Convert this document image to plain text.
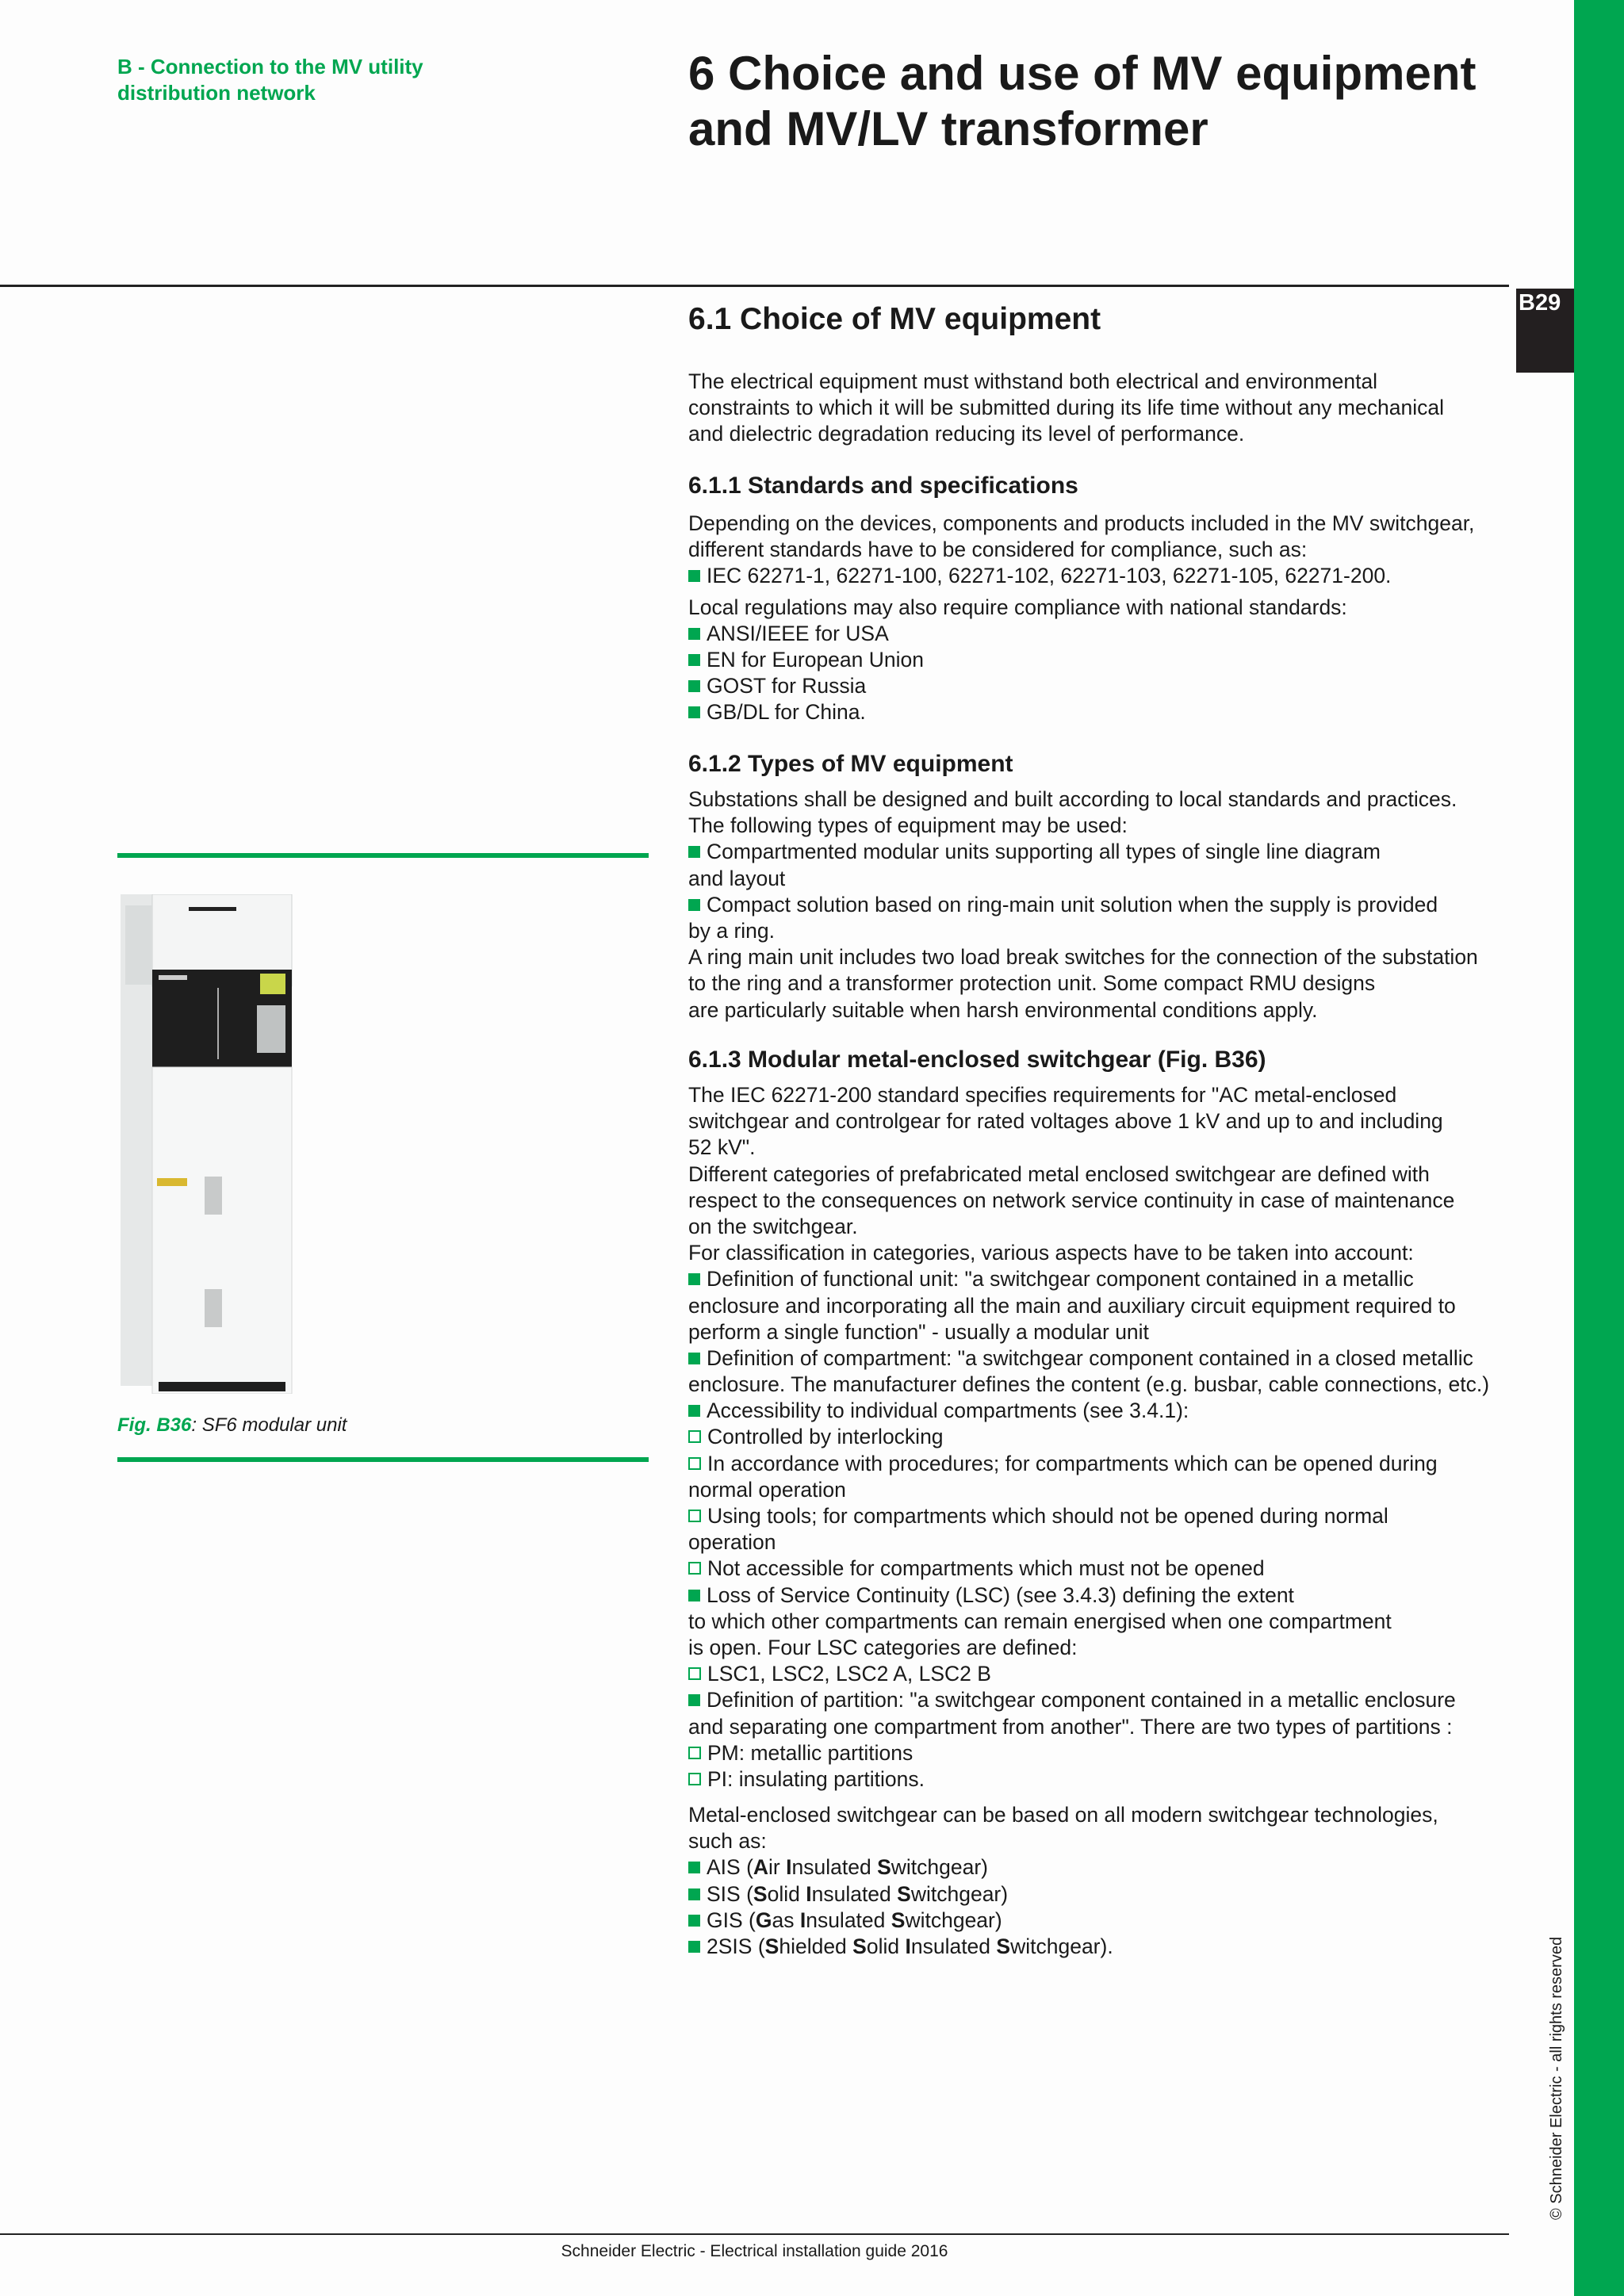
B - Connection to the MV utility distribution network	6 Choice and use of MV equipment and MV/LV transformer
B29
6.1 Choice of MV equipment
The electrical equipment must withstand both electrical and environmental
constraints to which it will be submitted during its life time without any mechanical
and dielectric degradation reducing its level of performance.
6.1.1 Standards and specifications
Depending on the devices, components and products included in the MV switchgear,
different standards have to be considered for compliance, such as:
IEC 62271-1, 62271-100, 62271-102, 62271-103, 62271-105, 62271-200.
Local regulations may also require compliance with national standards:
ANSI/IEEE for USA
EN for European Union
GOST for Russia
GB/DL for China.
6.1.2 Types of MV equipment
Substations shall be designed and built according to local standards and practices.
The following types of equipment may be used:
Compartmented modular units supporting all types of single line diagram
and layout
Compact solution based on ring-main unit solution when the supply is provided
by a ring.
A ring main unit includes two load break switches for the connection of the substation
to the ring and a transformer protection unit. Some compact RMU designs
are particularly suitable when harsh environmental conditions apply.
6.1.3 Modular metal-enclosed switchgear (Fig. B36)
The IEC 62271-200 standard specifies requirements for "AC metal-enclosed
switchgear and controlgear for rated voltages above 1 kV and up to and including
52 kV".
Different categories of prefabricated metal enclosed switchgear are defined with
respect to the consequences on network service continuity in case of maintenance
on the switchgear.
For classification in categories, various aspects have to be taken into account:
Definition of functional unit: "a switchgear component contained in a metallic
enclosure and incorporating all the main and auxiliary circuit equipment required to
perform a single function" - usually a modular unit
Definition of compartment: "a switchgear component contained in a closed metallic
enclosure. The manufacturer defines the content (e.g. busbar, cable connections, etc.)
Accessibility to individual compartments (see 3.4.1):
Controlled by interlocking
In accordance with procedures; for compartments which can be opened during
normal operation
Using tools; for compartments which should not be opened during normal
operation
Not accessible for compartments which must not be opened
Loss of Service Continuity (LSC) (see 3.4.3) defining the extent
to which other compartments can remain energised when one compartment
is open. Four LSC categories are defined:
LSC1, LSC2, LSC2 A, LSC2 B
Definition of partition: "a switchgear component contained in a metallic enclosure
and separating one compartment from another". There are two types of partitions :
PM: metallic partitions
PI: insulating partitions.
Metal-enclosed switchgear can be based on all modern switchgear technologies,
such as:
AIS (Air Insulated Switchgear)
SIS (Solid Insulated Switchgear)
GIS (Gas Insulated Switchgear)
2SIS (Shielded Solid Insulated Switchgear).
Fig. B36: SF6 modular unit
© Schneider Electric - all rights reserved
Schneider Electric - Electrical installation guide 2016
